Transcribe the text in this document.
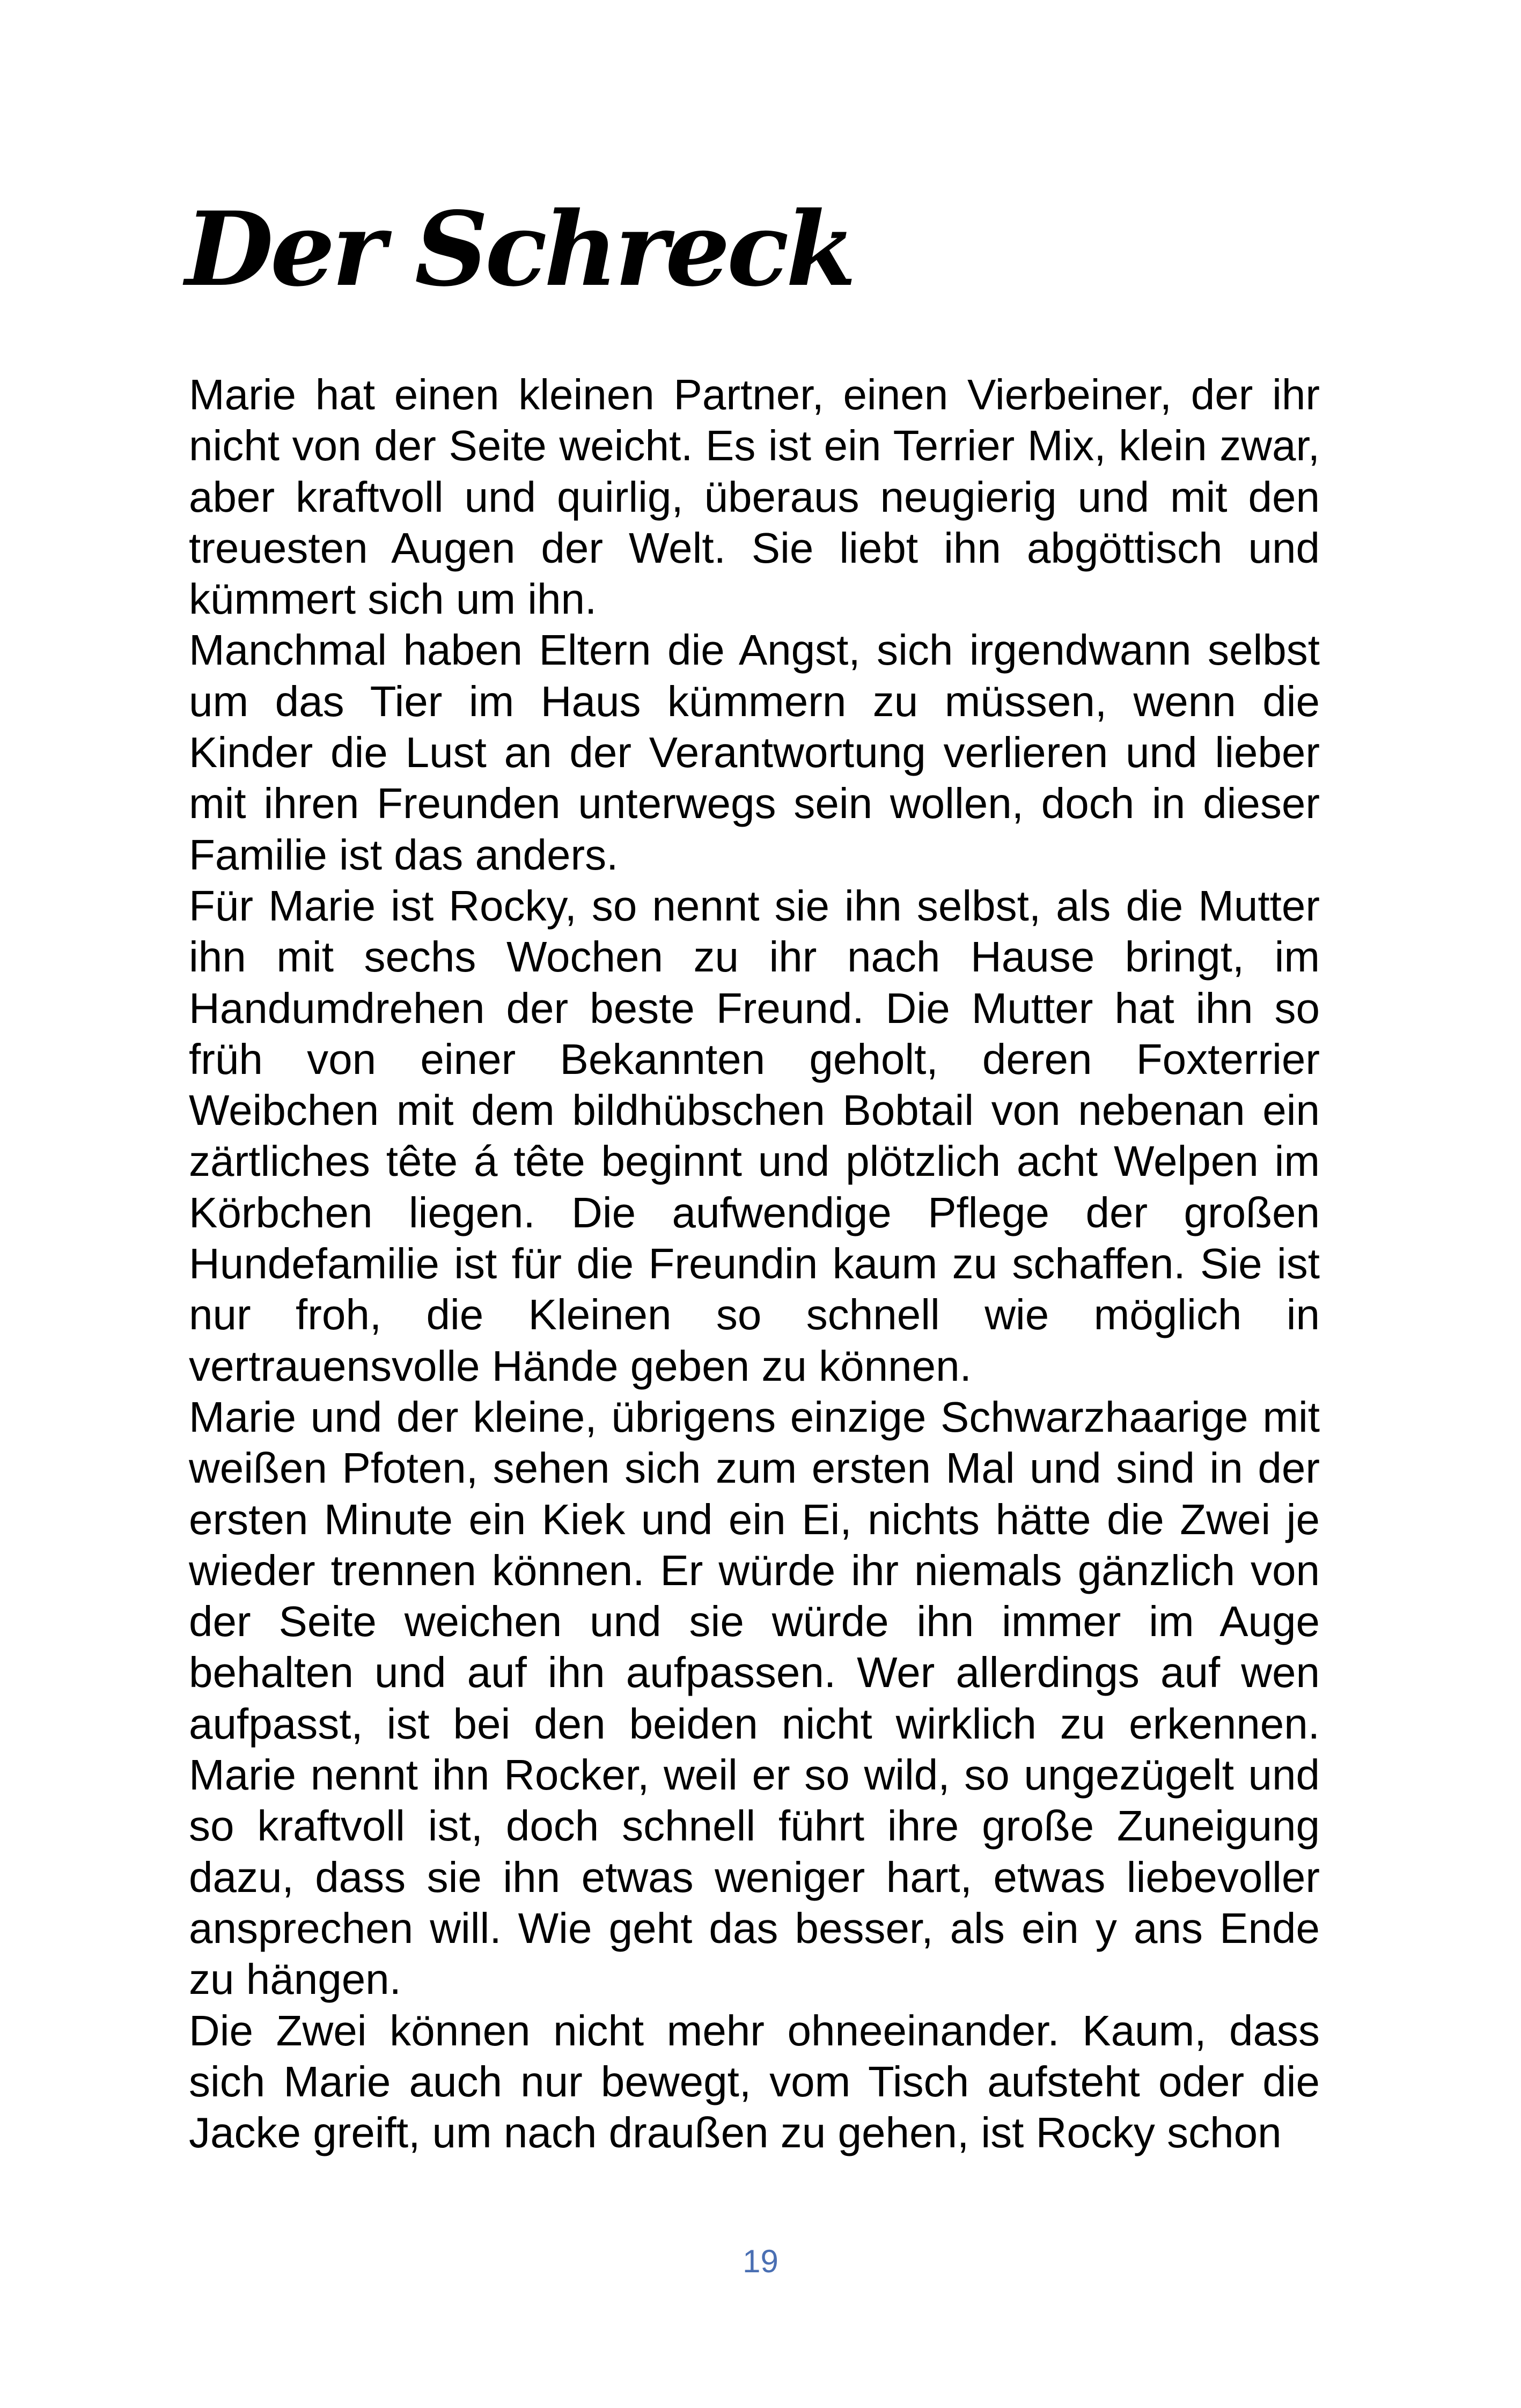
Der Schreck

Marie hat einen kleinen Partner, einen Vierbeiner, der ihr nicht von der Seite weicht. Es ist ein Terrier Mix, klein zwar, aber kraftvoll und quirlig, überaus neugierig und mit den treuesten Augen der Welt. Sie liebt ihn abgöttisch und kümmert sich um ihn.

Manchmal haben Eltern die Angst, sich irgendwann selbst um das Tier im Haus kümmern zu müssen, wenn die Kinder die Lust an der Verantwortung verlieren und lieber mit ihren Freunden unterwegs sein wollen, doch in dieser Familie ist das anders.

Für Marie ist Rocky, so nennt sie ihn selbst, als die Mutter ihn mit sechs Wochen zu ihr nach Hause bringt, im Handumdrehen der beste Freund. Die Mutter hat ihn so früh von einer Bekannten geholt, deren Foxterrier Weibchen mit dem bildhübschen Bobtail von nebenan ein zärtliches tête á tête beginnt und plötzlich acht Welpen im Körbchen liegen. Die aufwendige Pflege der großen Hundefamilie ist für die Freundin kaum zu schaffen. Sie ist nur froh, die Kleinen so schnell wie möglich in vertrauensvolle Hände geben zu können.

Marie und der kleine, übrigens einzige Schwarzhaarige mit weißen Pfoten, sehen sich zum ersten Mal und sind in der ersten Minute ein Kiek und ein Ei, nichts hätte die Zwei je wieder trennen können. Er würde ihr niemals gänzlich von der Seite weichen und sie würde ihn immer im Auge behalten und auf ihn aufpassen. Wer allerdings auf wen aufpasst, ist bei den beiden nicht wirklich zu erkennen. Marie nennt ihn Rocker, weil er so wild, so ungezügelt und so kraftvoll ist, doch schnell führt ihre große Zuneigung dazu, dass sie ihn etwas weniger hart, etwas liebevoller ansprechen will. Wie geht das besser, als ein y ans Ende zu hängen.

Die Zwei können nicht mehr ohneeinander. Kaum, dass sich Marie auch nur bewegt, vom Tisch aufsteht oder die Jacke greift, um nach draußen zu gehen, ist Rocky schon

19
